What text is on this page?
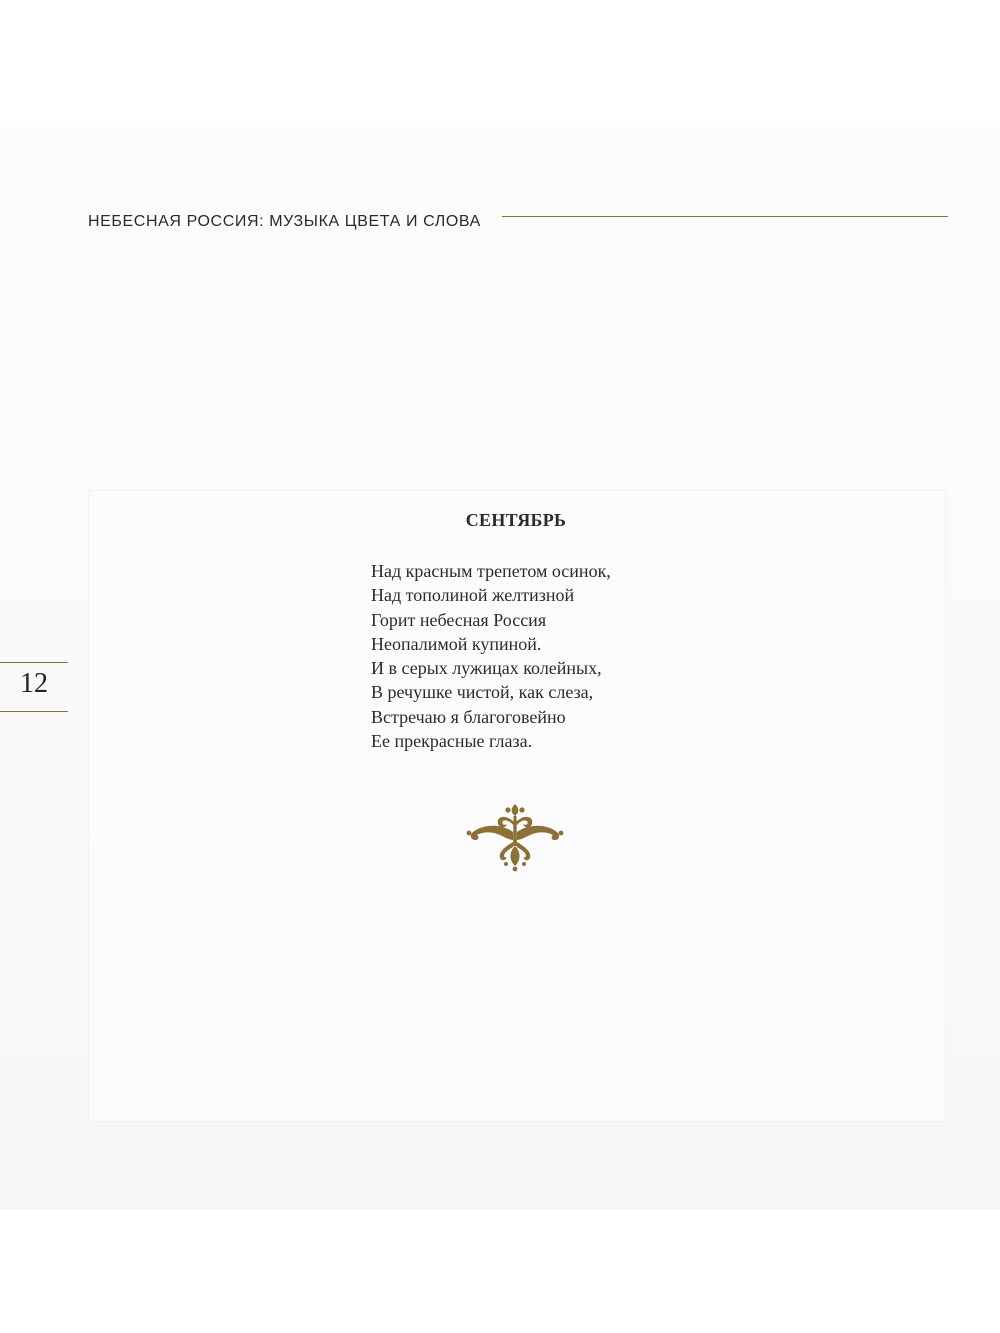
НЕБЕСНАЯ РОССИЯ: МУЗЫКА ЦВЕТА И СЛОВА
12
СЕНТЯБРЬ
Над красным трепетом осинок,
Над тополиной желтизной
Горит небесная Россия
Неопалимой купиной.
И в серых лужицах колейных,
В речушке чистой, как слеза,
Встречаю я благоговейно
Ее прекрасные глаза.
